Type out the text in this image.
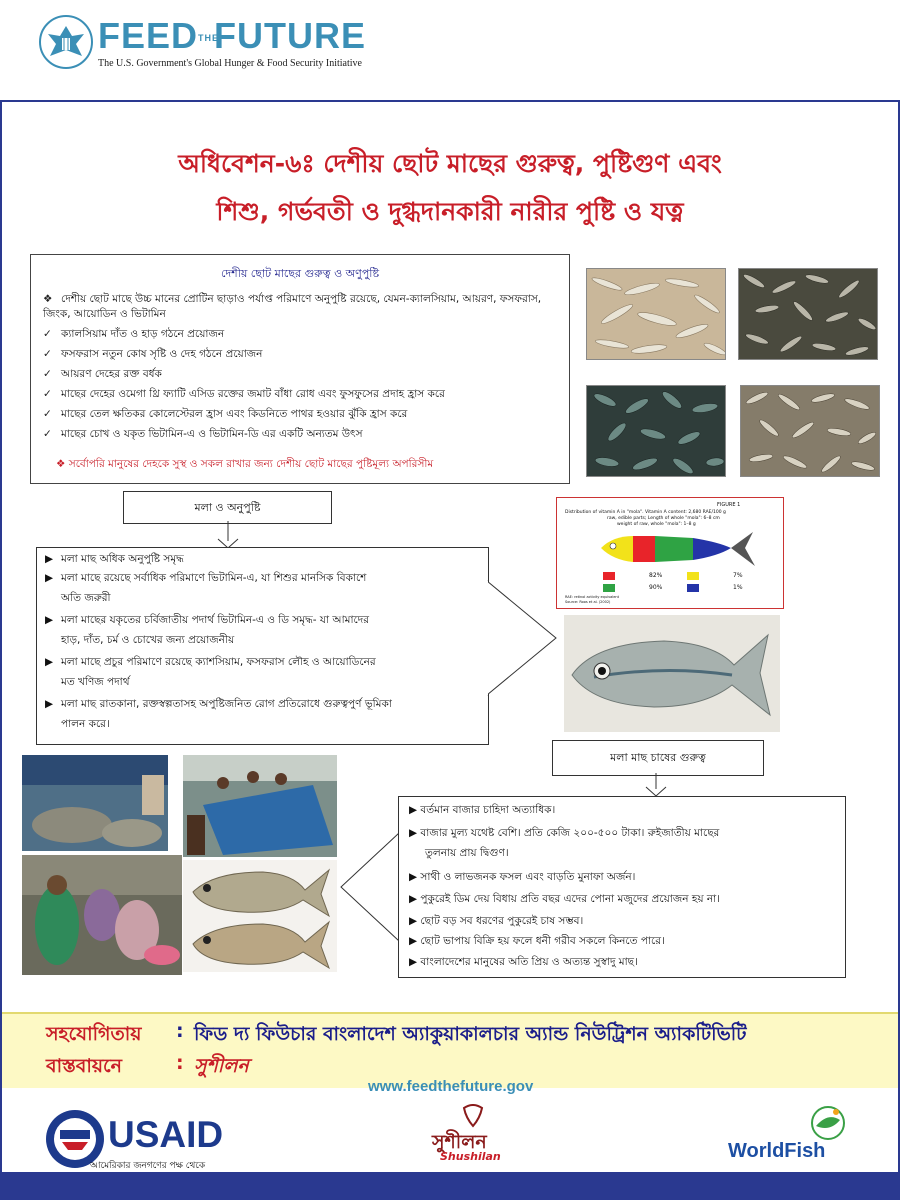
FEEDTHEFUTURE
The U.S. Government's Global Hunger & Food Security Initiative
অধিবেশন-৬ঃ দেশীয় ছোট মাছের গুরুত্ব, পুষ্টিগুণ এবং
শিশু, গর্ভবতী ও দুগ্ধদানকারী নারীর পুষ্টি ও যত্ন
দেশীয় ছোট মাছের গুরুত্ব ও অণুপুষ্টি
❖ দেশীয় ছোট মাছে উচ্চ মানের প্রোটিন ছাড়াও পর্যাপ্ত পরিমাণে অনুপুষ্টি রয়েছে, যেমন-ক্যালসিয়াম, আয়রণ, ফসফরাস, জিংক, আয়োডিন ও ভিটামিন
✓ ক্যালসিয়াম দাঁত ও হাড় গঠনে প্রয়োজন
✓ ফসফরাস নতুন কোষ সৃষ্টি ও দেহ গঠনে প্রয়োজন
✓ আয়রণ দেহের রক্ত বর্ধক
✓ মাছের দেহের ওমেগা থ্রি ফ্যাটি এসিড রক্তের জমাট বাঁধা রোধ এবং ফুসফুসের প্রদাহ হ্রাস করে
✓ মাছের তেল ক্ষতিকর কোলেস্টেরল হ্রাস এবং কিডনিতে পাথর হওয়ার ঝুঁকি হ্রাস করে
✓ মাছের চোখ ও যকৃত ভিটামিন-এ ও ভিটামিন-ডি এর একটি অন্যতম উৎস
❖ সর্বোপরি মানুষের দেহকে সুস্থ ও সকল রাখার জন্য দেশীয় ছোট মাছের পুষ্টিমূল্য অপরিসীম
মলা ও অনুপুষ্টি
▶ মলা মাছ অধিক অনুপুষ্টি সমৃদ্ধ
▶ মলা মাছে রয়েছে সর্বাধিক পরিমাণে ভিটামিন-এ, যা শিশুর মানসিক বিকাশে
অতি জরুরী
▶ মলা মাছের যকৃতের চর্বিজাতীয় পদার্থ ভিটামিন-এ ও ডি সমৃদ্ধ- যা আমাদের
হাড়, দাঁত, চর্ম ও চোখের জন্য প্রয়োজনীয়
▶ মলা মাছে প্রচুর পরিমাণে রয়েছে ক্যাশসিয়াম, ফসফরাস লৌহ ও আয়োডিনের
মত খণিজ পদার্থ
▶ মলা মাছ রাতকানা, রক্তস্বল্পতাসহ অপুষ্টিজনিত রোগ প্রতিরোধে গুরুত্বপুর্ণ ভূমিকা
পালন করে।
FIGURE 1
Distribution of vitamin A in "mola". Vitamin A content: 2,680 RAE/100 g
raw, edible parts; Length of whole "mola": 6–8 cm
weight of raw, whole "mola": 1–8 g
82%	7%
90%	1%
RAE: retinol activity equivalent
Source: Roos et al. (2002)
মলা মাছ চাষের গুরুত্ব
▶ বর্তমান বাজার চাহিদা অত্যাধিক।
▶ বাজার মুল্য যথেষ্ট বেশি। প্রতি কেজি ২০০-৫০০ টাকা। রুইজাতীয় মাছের
তুলনায় প্রায় দ্বিগুণ।
▶ সাথী ও লাভজনক ফসল এবং বাড়তি মুনাফা অর্জন।
▶ পুকুরেই ডিম দেয় বিধায় প্রতি বছর এদের পোনা মজুদের প্রয়োজন হয় না।
▶ ছোট বড় সব ধরণের পুকুরেই চাষ সম্ভব।
▶ ছোট ভাপায় বিক্রি হয় ফলে ধনী গরীব সকলে কিনতে পারে।
▶ বাংলাদেশের মানুষের অতি প্রিয় ও অত্যন্ত সুস্বাদু মাছ।
সহযোগিতায় : ফিড দ্য ফিউচার বাংলাদেশ অ্যাকুয়াকালচার অ্যান্ড নিউট্রিশন অ্যাকটিভিটি
বাস্তবায়নে	: সুশীলন
www.feedthefuture.gov
USAID
আমেরিকার জনগণের পক্ষ থেকে
সুশীলন
Shushilan	WorldFish
